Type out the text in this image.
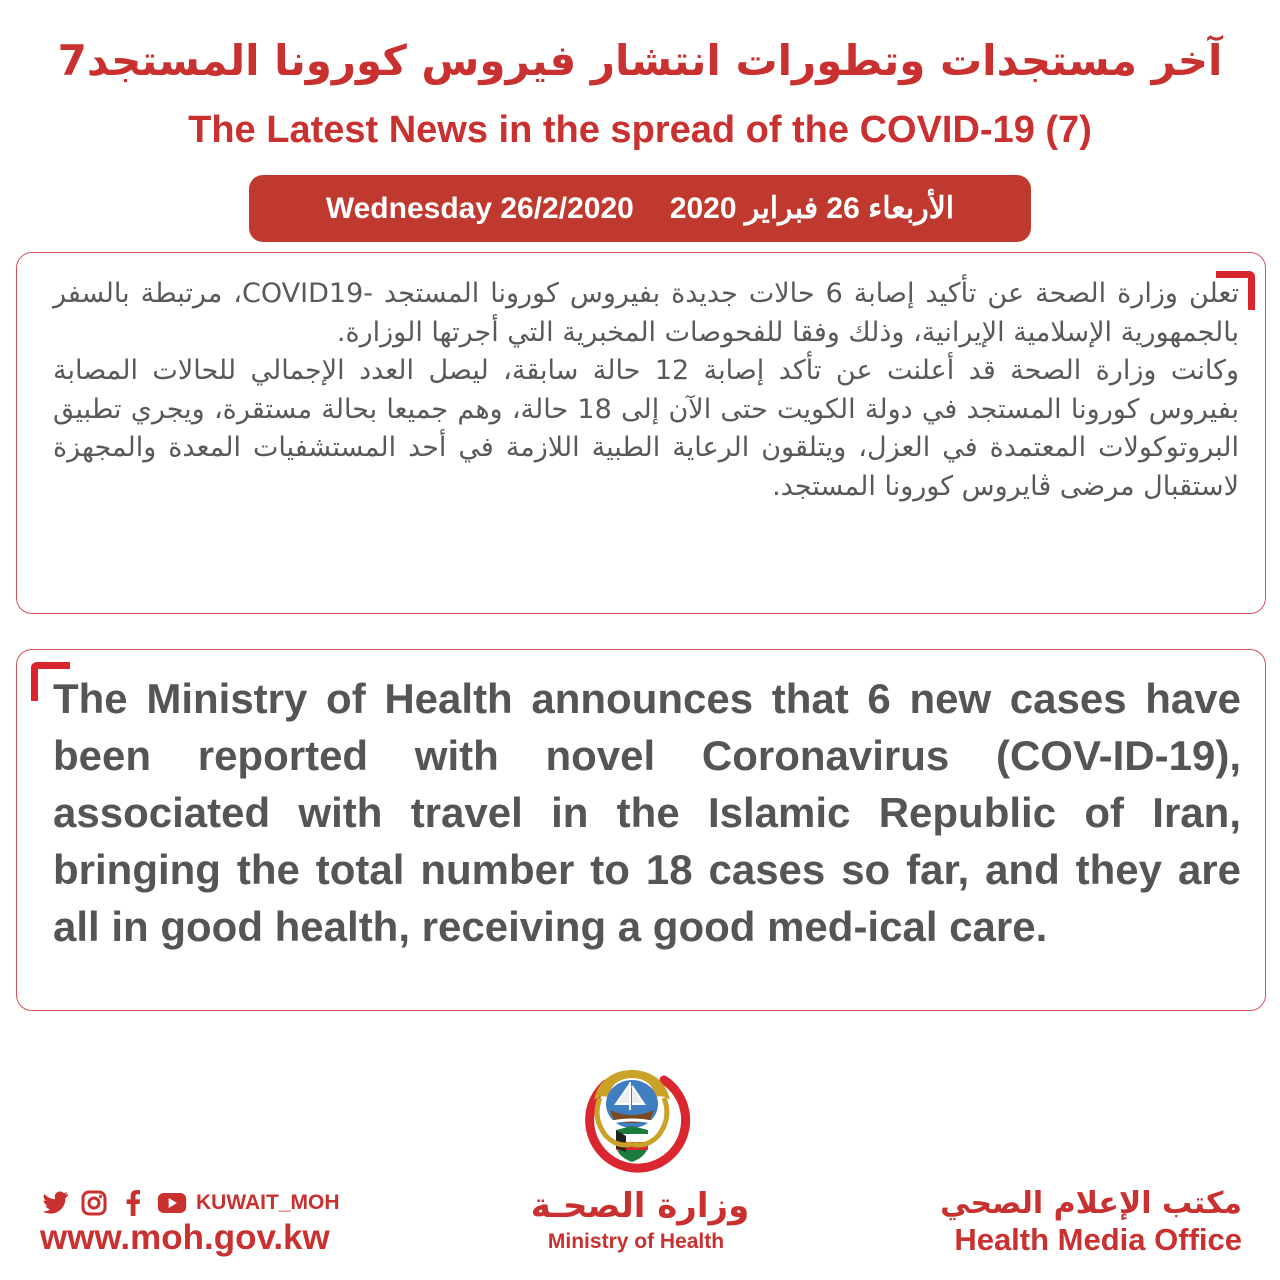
آخر مستجدات وتطورات انتشار فيروس كورونا المستجد7
The Latest News in the spread of the COVID-19 (7)
Wednesday 26/2/2020 الأربعاء 26 فبراير 2020
تعلن وزارة الصحة عن تأكيد إصابة 6 حالات جديدة بفيروس كورونا المستجد -COVID19، مرتبطة بالسفر بالجمهورية الإسلامية الإيرانية، وذلك وفقا للفحوصات المخبرية التي أجرتها الوزارة.
وكانت وزارة الصحة قد أعلنت عن تأكد إصابة 12 حالة سابقة، ليصل العدد الإجمالي للحالات المصابة بفيروس كورونا المستجد في دولة الكويت حتى الآن إلى 18 حالة، وهم جميعا بحالة مستقرة، ويجري تطبيق البروتوكولات المعتمدة في العزل، ويتلقون الرعاية الطبية اللازمة في أحد المستشفيات المعدة والمجهزة لاستقبال مرضى ڤايروس كورونا المستجد.
The Ministry of Health announces that 6 new cases have been reported with novel Coronavirus (COV-ID-19), associated with travel in the Islamic Republic of Iran, bringing the total number to 18 cases so far, and they are all in good health, receiving a good med-ical care.
KUWAIT_MOH
www.moh.gov.kw
وزارة الصحـة
Ministry of Health
مكتب الإعلام الصحي
Health Media Office
